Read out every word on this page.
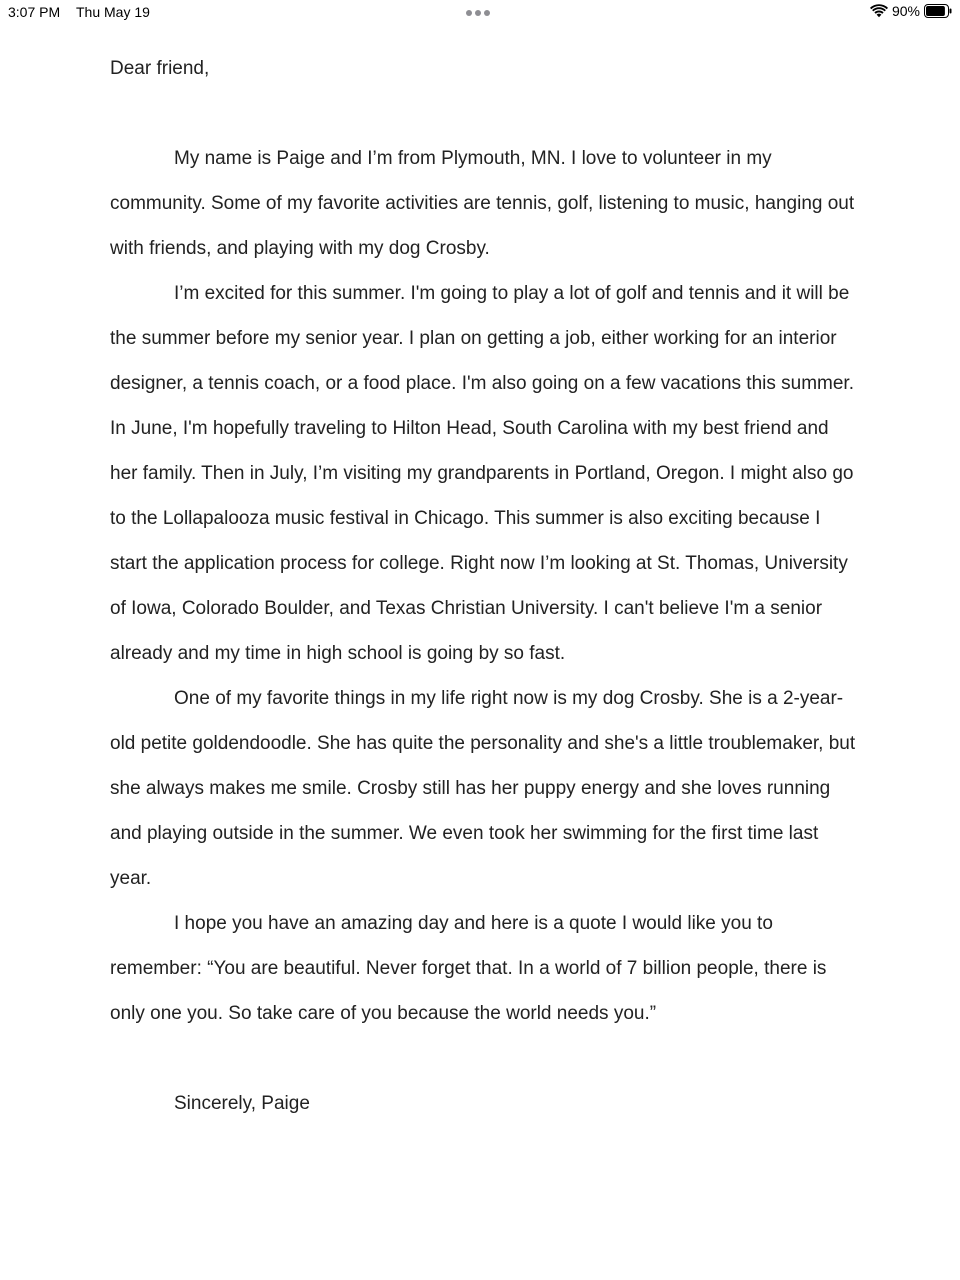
3:07 PM Thu May 19	90%

Dear friend,

My name is Paige and I’m from Plymouth, MN. I love to volunteer in my community. Some of my favorite activities are tennis, golf, listening to music, hanging out with friends, and playing with my dog Crosby.

I’m excited for this summer. I'm going to play a lot of golf and tennis and it will be the summer before my senior year. I plan on getting a job, either working for an interior designer, a tennis coach, or a food place. I'm also going on a few vacations this summer. In June, I'm hopefully traveling to Hilton Head, South Carolina with my best friend and her family. Then in July, I’m visiting my grandparents in Portland, Oregon. I might also go to the Lollapalooza music festival in Chicago. This summer is also exciting because I start the application process for college. Right now I’m looking at St. Thomas, University of Iowa, Colorado Boulder, and Texas Christian University. I can't believe I'm a senior already and my time in high school is going by so fast.

One of my favorite things in my life right now is my dog Crosby. She is a 2-year-old petite goldendoodle. She has quite the personality and she's a little troublemaker, but she always makes me smile. Crosby still has her puppy energy and she loves running and playing outside in the summer. We even took her swimming for the first time last year.

I hope you have an amazing day and here is a quote I would like you to remember: “You are beautiful. Never forget that. In a world of 7 billion people, there is only one you. So take care of you because the world needs you.”

Sincerely, Paige
